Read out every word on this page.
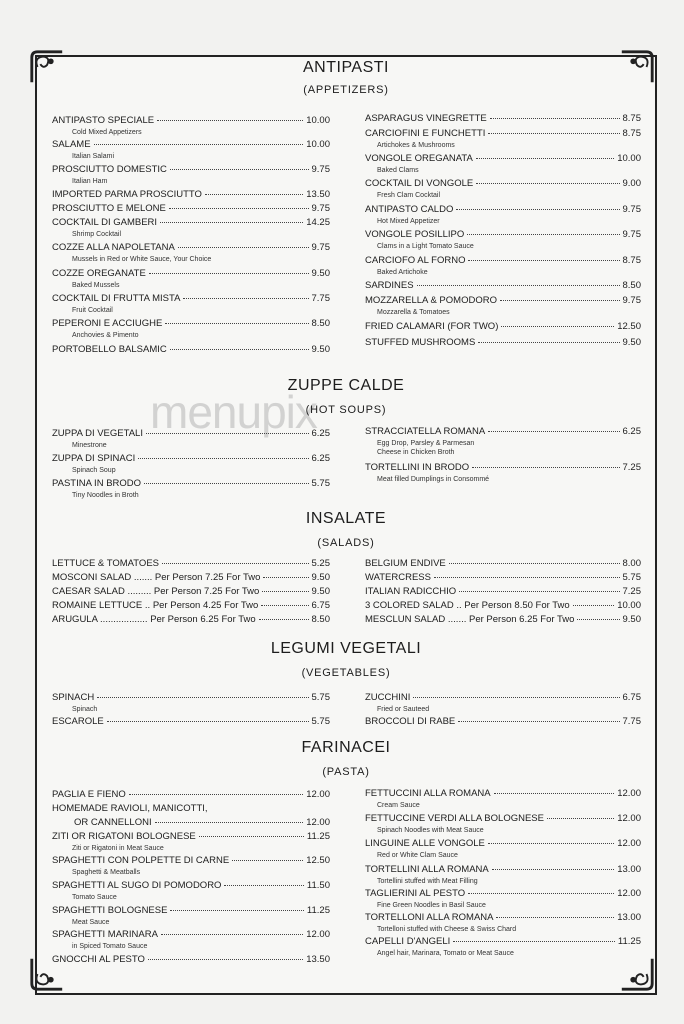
menupix
ANTIPASTI
(APPETIZERS)
ZUPPE CALDE
(HOT SOUPS)
INSALATE
(SALADS)
LEGUMI VEGETALI
(VEGETABLES)
FARINACEI
(PASTA)
ANTIPASTO SPECIALE	10.00
Cold Mixed Appetizers
SALAME	10.00
Italian Salami
PROSCIUTTO DOMESTIC	9.75
Italian Ham
IMPORTED PARMA PROSCIUTTO	13.50
PROSCIUTTO E MELONE	9.75
COCKTAIL DI GAMBERI	14.25
Shrimp Cocktail
COZZE ALLA NAPOLETANA	9.75
Mussels in Red or White Sauce, Your Choice
COZZE OREGANATE	9.50
Baked Mussels
COCKTAIL DI FRUTTA MISTA	7.75
Fruit Cocktail
PEPERONI E ACCIUGHE	8.50
Anchovies & Pimento
PORTOBELLO BALSAMIC	9.50
ASPARAGUS VINEGRETTE	8.75
CARCIOFINI E FUNCHETTI	8.75
Artichokes & Mushrooms
VONGOLE OREGANATA	10.00
Baked Clams
COCKTAIL DI VONGOLE	9.00
Fresh Clam Cocktail
ANTIPASTO CALDO	9.75
Hot Mixed Appetizer
VONGOLE POSILLIPO	9.75
Clams in a Light Tomato Sauce
CARCIOFO AL FORNO	8.75
Baked Artichoke
SARDINES	8.50
MOZZARELLA & POMODORO	9.75
Mozzarella & Tomatoes
FRIED CALAMARI (FOR TWO)	12.50
STUFFED MUSHROOMS	9.50
ZUPPA DI VEGETALI	6.25
Minestrone
ZUPPA DI SPINACI	6.25
Spinach Soup
PASTINA IN BRODO	5.75
Tiny Noodles in Broth
STRACCIATELLA ROMANA	6.25
Egg Drop, Parsley & Parmesan
Cheese in Chicken Broth
TORTELLINI IN BRODO	7.25
Meat filled Dumplings in Consommé
LETTUCE & TOMATOES	5.25
MOSCONI SALAD ....... Per Person 7.25 For Two	9.50
CAESAR SALAD ......... Per Person 7.25 For Two	9.50
ROMAINE LETTUCE .. Per Person 4.25 For Two	6.75
ARUGULA .................. Per Person 6.25 For Two	8.50
BELGIUM ENDIVE	8.00
WATERCRESS	5.75
ITALIAN RADICCHIO	7.25
3 COLORED SALAD .. Per Person 8.50 For Two	10.00
MESCLUN SALAD ....... Per Person 6.25 For Two	9.50
SPINACH	5.75
Spinach
ESCAROLE	5.75
ZUCCHINI	6.75
Fried or Sauteed
BROCCOLI DI RABE	7.75
PAGLIA E FIENO	12.00
HOMEMADE RAVIOLI, MANICOTTI,
OR CANNELLONI	12.00
ZITI OR RIGATONI BOLOGNESE	11.25
Ziti or Rigatoni in Meat Sauce
SPAGHETTI CON POLPETTE DI CARNE	12.50
Spaghetti & Meatballs
SPAGHETTI AL SUGO DI POMODORO	11.50
Tomato Sauce
SPAGHETTI BOLOGNESE	11.25
Meat Sauce
SPAGHETTI MARINARA	12.00
in Spiced Tomato Sauce
GNOCCHI AL PESTO	13.50
FETTUCCINI ALLA ROMANA	12.00
Cream Sauce
FETTUCCINE VERDI ALLA BOLOGNESE	12.00
Spinach Noodles with Meat Sauce
LINGUINE ALLE VONGOLE	12.00
Red or White Clam Sauce
TORTELLINI ALLA ROMANA	13.00
Tortellini stuffed with Meat Filling
TAGLIERINI AL PESTO	12.00
Fine Green Noodles in Basil Sauce
TORTELLONI ALLA ROMANA	13.00
Tortelloni stuffed with Cheese & Swiss Chard
CAPELLI D'ANGELI	11.25
Angel hair, Marinara, Tomato or Meat Sauce
